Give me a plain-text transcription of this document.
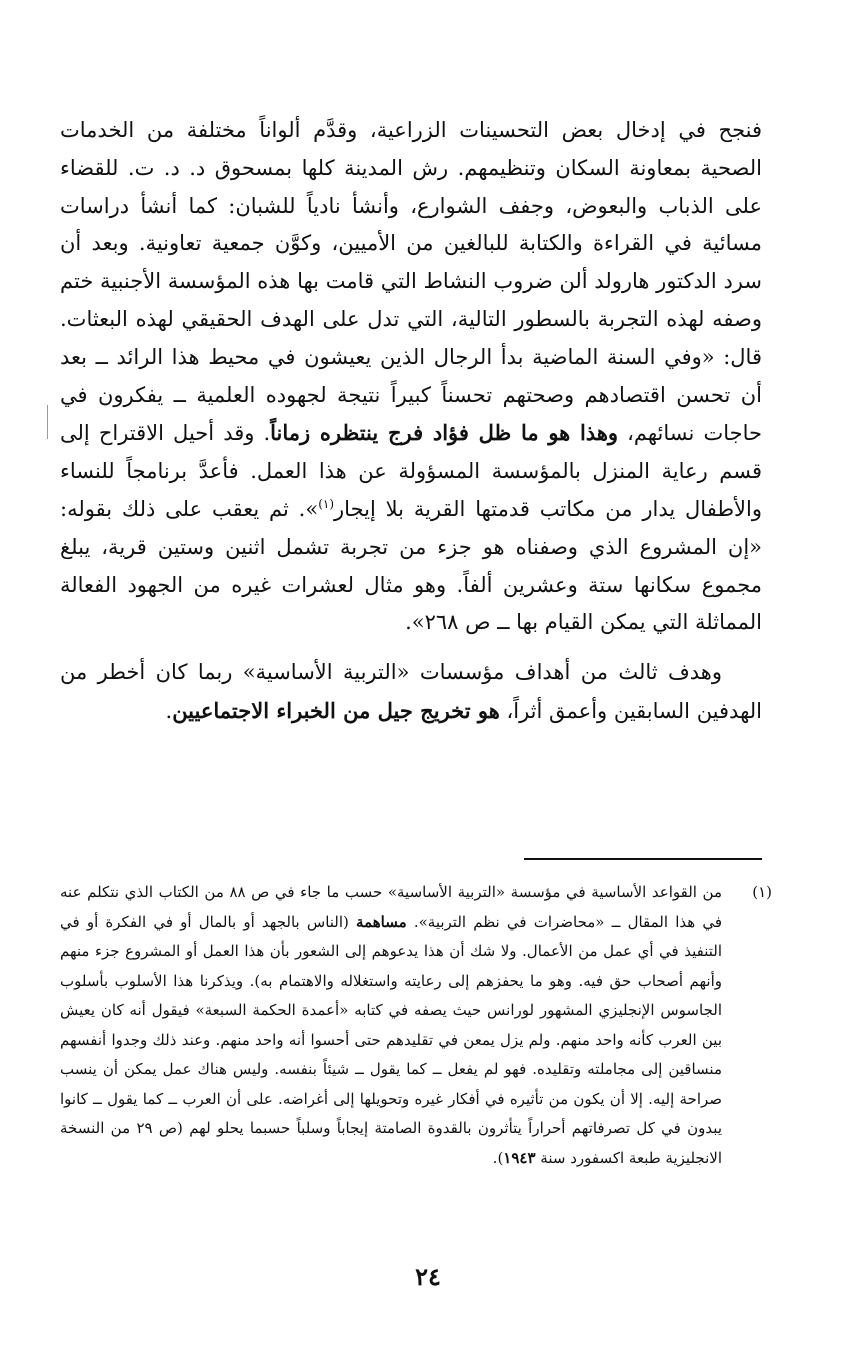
فنجح في إدخال بعض التحسينات الزراعية، وقدَّم ألواناً مختلفة من الخدمات الصحية بمعاونة السكان وتنظيمهم. رش المدينة كلها بمسحوق د. د. ت. للقضاء على الذباب والبعوض، وجفف الشوارع، وأنشأ نادياً للشبان: كما أنشأ دراسات مسائية في القراءة والكتابة للبالغين من الأميين، وكوَّن جمعية تعاونية. وبعد أن سرد الدكتور هارولد ألن ضروب النشاط التي قامت بها هذه المؤسسة الأجنبية ختم وصفه لهذه التجربة بالسطور التالية، التي تدل على الهدف الحقيقي لهذه البعثات. قال: «وفي السنة الماضية بدأ الرجال الذين يعيشون في محيط هذا الرائد ــ بعد أن تحسن اقتصادهم وصحتهم تحسناً كبيراً نتيجة لجهوده العلمية ــ يفكرون في حاجات نسائهم، وهذا هو ما ظل فؤاد فرج ينتظره زماناً. وقد أحيل الاقتراح إلى قسم رعاية المنزل بالمؤسسة المسؤولة عن هذا العمل. فأعدَّ برنامجاً للنساء والأطفال يدار من مكاتب قدمتها القرية بلا إيجار$^{(١)}$». ثم يعقب على ذلك بقوله: «إن المشروع الذي وصفناه هو جزء من تجربة تشمل اثنين وستين قرية، يبلغ مجموع سكانها ستة وعشرين ألفاً. وهو مثال لعشرات غيره من الجهود الفعالة المماثلة التي يمكن القيام بها ــ ص ٢٦٨».

وهدف ثالث من أهداف مؤسسات «التربية الأساسية» ربما كان أخطر من الهدفين السابقين وأعمق أثراً، هو تخريج جيل من الخبراء الاجتماعيين.

(١)

من القواعد الأساسية في مؤسسة «التربية الأساسية» حسب ما جاء في ص ٨٨ من الكتاب الذي نتكلم عنه في هذا المقال ــ «محاضرات في نظم التربية». مساهمة (الناس بالجهد أو بالمال أو في الفكرة أو في التنفيذ في أي عمل من الأعمال. ولا شك أن هذا يدعوهم إلى الشعور بأن هذا العمل أو المشروع جزء منهم وأنهم أصحاب حق فيه. وهو ما يحفزهم إلى رعايته واستغلاله والاهتمام به). ويذكرنا هذا الأسلوب بأسلوب الجاسوس الإنجليزي المشهور لورانس حيث يصفه في كتابه «أعمدة الحكمة السبعة» فيقول أنه كان يعيش بين العرب كأنه واحد منهم. ولم يزل يمعن في تقليدهم حتى أحسوا أنه واحد منهم. وعند ذلك وجدوا أنفسهم منساقين إلى مجاملته وتقليده. فهو لم يفعل ــ كما يقول ــ شيئاً بنفسه. وليس هناك عمل يمكن أن ينسب صراحة إليه. إلا أن يكون من تأثيره في أفكار غيره وتحويلها إلى أغراضه. على أن العرب ــ كما يقول ــ كانوا يبدون في كل تصرفاتهم أحراراً يتأثرون بالقدوة الصامتة إيجاباً وسلباً حسبما يحلو لهم (ص ٢٩ من النسخة الانجليزية طبعة اكسفورد سنة ١٩٤٣).

٢٤
